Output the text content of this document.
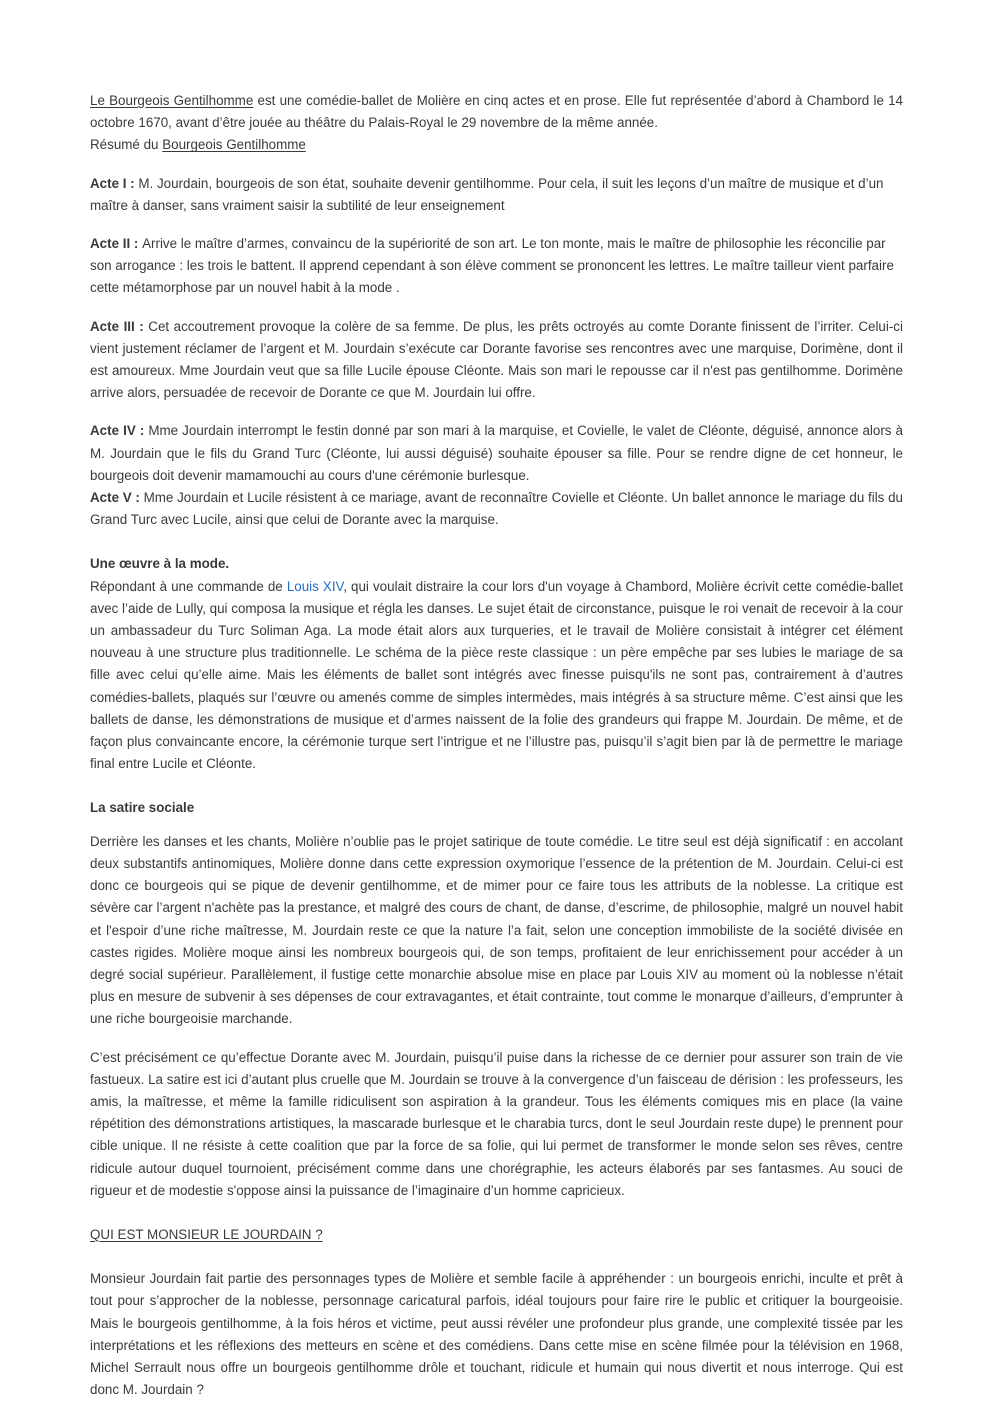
Le Bourgeois Gentilhomme est une comédie-ballet de Molière en cinq actes et en prose. Elle fut représentée d’abord à Chambord le 14 octobre 1670, avant d’être jouée au théâtre du Palais-Royal le 29 novembre de la même année.

Résumé du Bourgeois Gentilhomme

Acte I : M. Jourdain, bourgeois de son état, souhaite devenir gentilhomme. Pour cela, il suit les leçons d’un maître de musique et d’un maître à danser, sans vraiment saisir la subtilité de leur enseignement

Acte II : Arrive le maître d’armes, convaincu de la supériorité de son art. Le ton monte, mais le maître de philosophie les réconcilie par son arrogance : les trois le battent. Il apprend cependant à son élève comment se prononcent les lettres. Le maître tailleur vient parfaire cette métamorphose par un nouvel habit à la mode .

Acte III : Cet accoutrement provoque la colère de sa femme. De plus, les prêts octroyés au comte Dorante finissent de l’irriter. Celui-ci vient justement réclamer de l’argent et M. Jourdain s’exécute car Dorante favorise ses rencontres avec une marquise, Dorimène, dont il est amoureux. Mme Jourdain veut que sa fille Lucile épouse Cléonte. Mais son mari le repousse car il n'est pas gentilhomme. Dorimène arrive alors, persuadée de recevoir de Dorante ce que M. Jourdain lui offre.

Acte IV : Mme Jourdain interrompt le festin donné par son mari à la marquise, et Covielle, le valet de Cléonte, déguisé, annonce alors à M. Jourdain que le fils du Grand Turc (Cléonte, lui aussi déguisé) souhaite épouser sa fille. Pour se rendre digne de cet honneur, le bourgeois doit devenir mamamouchi au cours d'une cérémonie burlesque.

Acte V : Mme Jourdain et Lucile résistent à ce mariage, avant de reconnaître Covielle et Cléonte. Un ballet annonce le mariage du fils du Grand Turc avec Lucile, ainsi que celui de Dorante avec la marquise.

Une œuvre à la mode.

Répondant à une commande de Louis XIV, qui voulait distraire la cour lors d'un voyage à Chambord, Molière écrivit cette comédie-ballet avec l’aide de Lully, qui composa la musique et régla les danses. Le sujet était de circonstance, puisque le roi venait de recevoir à la cour un ambassadeur du Turc Soliman Aga. La mode était alors aux turqueries, et le travail de Molière consistait à intégrer cet élément nouveau à une structure plus traditionnelle. Le schéma de la pièce reste classique : un père empêche par ses lubies le mariage de sa fille avec celui qu’elle aime. Mais les éléments de ballet sont intégrés avec finesse puisqu'ils ne sont pas, contrairement à d’autres comédies-ballets, plaqués sur l’œuvre ou amenés comme de simples intermèdes, mais intégrés à sa structure même. C’est ainsi que les ballets de danse, les démonstrations de musique et d’armes naissent de la folie des grandeurs qui frappe M. Jourdain. De même, et de façon plus convaincante encore, la cérémonie turque sert l’intrigue et ne l’illustre pas, puisqu’il s’agit bien par là de permettre le mariage final entre Lucile et Cléonte.

La satire sociale

Derrière les danses et les chants, Molière n’oublie pas le projet satirique de toute comédie. Le titre seul est déjà significatif : en accolant deux substantifs antinomiques, Molière donne dans cette expression oxymorique l’essence de la prétention de M. Jourdain. Celui-ci est donc ce bourgeois qui se pique de devenir gentilhomme, et de mimer pour ce faire tous les attributs de la noblesse. La critique est sévère car l’argent n'achète pas la prestance, et malgré des cours de chant, de danse, d’escrime, de philosophie, malgré un nouvel habit et l'espoir d’une riche maîtresse, M. Jourdain reste ce que la nature l’a fait, selon une conception immobiliste de la société divisée en castes rigides. Molière moque ainsi les nombreux bourgeois qui, de son temps, profitaient de leur enrichissement pour accéder à un degré social supérieur. Parallèlement, il fustige cette monarchie absolue mise en place par Louis XIV au moment où la noblesse n’était plus en mesure de subvenir à ses dépenses de cour extravagantes, et était contrainte, tout comme le monarque d’ailleurs, d’emprunter à une riche bourgeoisie marchande.

C’est précisément ce qu’effectue Dorante avec M. Jourdain, puisqu’il puise dans la richesse de ce dernier pour assurer son train de vie fastueux. La satire est ici d’autant plus cruelle que M. Jourdain se trouve à la convergence d’un faisceau de dérision : les professeurs, les amis, la maîtresse, et même la famille ridiculisent son aspiration à la grandeur. Tous les éléments comiques mis en place (la vaine répétition des démonstrations artistiques, la mascarade burlesque et le charabia turcs, dont le seul Jourdain reste dupe) le prennent pour cible unique. Il ne résiste à cette coalition que par la force de sa folie, qui lui permet de transformer le monde selon ses rêves, centre ridicule autour duquel tournoient, précisément comme dans une chorégraphie, les acteurs élaborés par ses fantasmes. Au souci de rigueur et de modestie s'oppose ainsi la puissance de l’imaginaire d’un homme capricieux.

QUI EST MONSIEUR LE JOURDAIN ?

Monsieur Jourdain fait partie des personnages types de Molière et semble facile à appréhender : un bourgeois enrichi, inculte et prêt à tout pour s’approcher de la noblesse, personnage caricatural parfois, idéal toujours pour faire rire le public et critiquer la bourgeoisie. Mais le bourgeois gentilhomme, à la fois héros et victime, peut aussi révéler une profondeur plus grande, une complexité tissée par les interprétations et les réflexions des metteurs en scène et des comédiens. Dans cette mise en scène filmée pour la télévision en 1968, Michel Serrault nous offre un bourgeois gentilhomme drôle et touchant, ridicule et humain qui nous divertit et nous interroge. Qui est donc M. Jourdain ?
